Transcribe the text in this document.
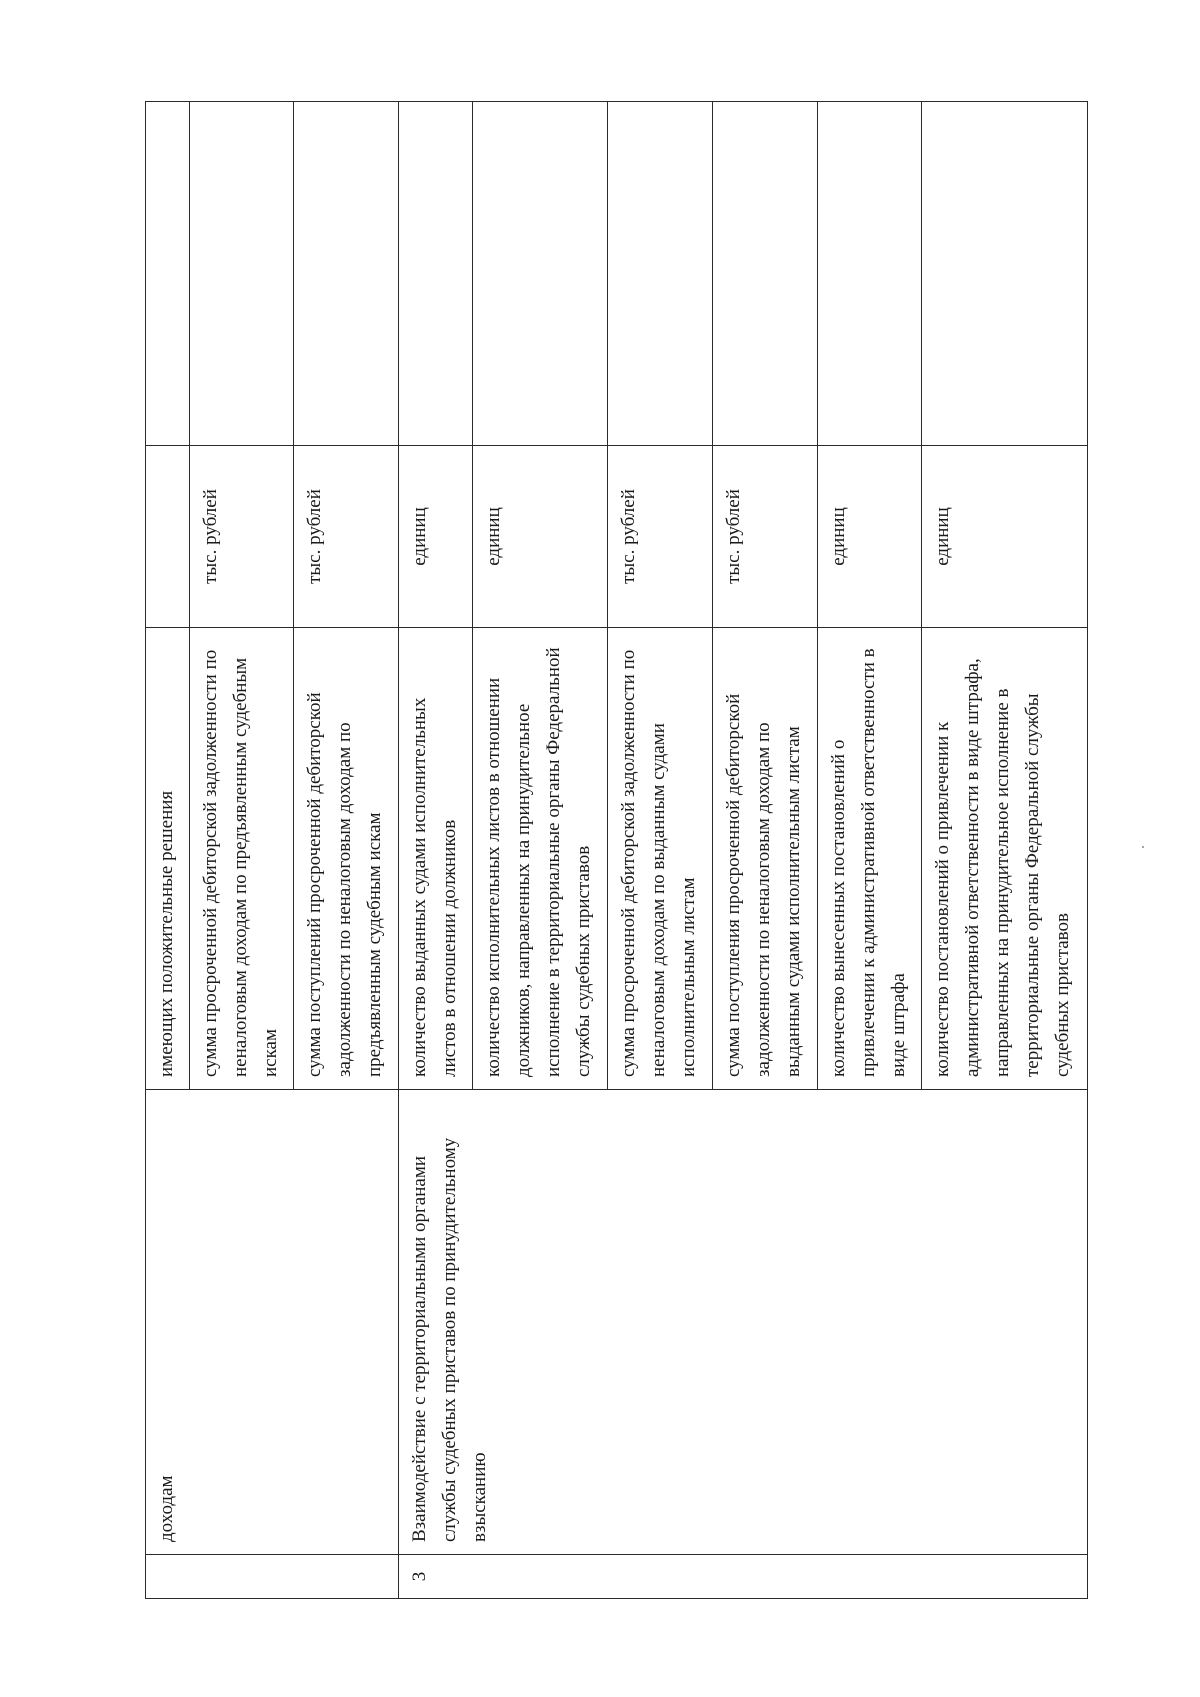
	доходам	имеющих положительные решения		
		сумма просроченной дебиторской задолженности по неналоговым доходам по предъявленным судебным искам	тыс. рублей	
		сумма поступлений просроченной дебиторской задолженности по неналоговым доходам по предъявленным судебным искам	тыс. рублей	
3	Взаимодействие с территориальными органами службы судебных приставов по принудительному взысканию	количество выданных судами исполнительных листов в отношении должников	единиц	
		количество исполнительных листов в отношении должников, направленных на принудительное исполнение в территориальные органы Федеральной службы судебных приставов	единиц	
		сумма просроченной дебиторской задолженности по неналоговым доходам по выданным судами исполнительным листам	тыс. рублей	
		сумма поступления просроченной дебиторской задолженности по неналоговым доходам по выданным судами исполнительным листам	тыс. рублей	
		количество вынесенных постановлений о привлечении к административной ответственности в виде штрафа	единиц	
		количество постановлений о привлечении к административной ответственности в виде штрафа, направленных на принудительное исполнение в территориальные органы Федеральной службы судебных приставов	единиц	
